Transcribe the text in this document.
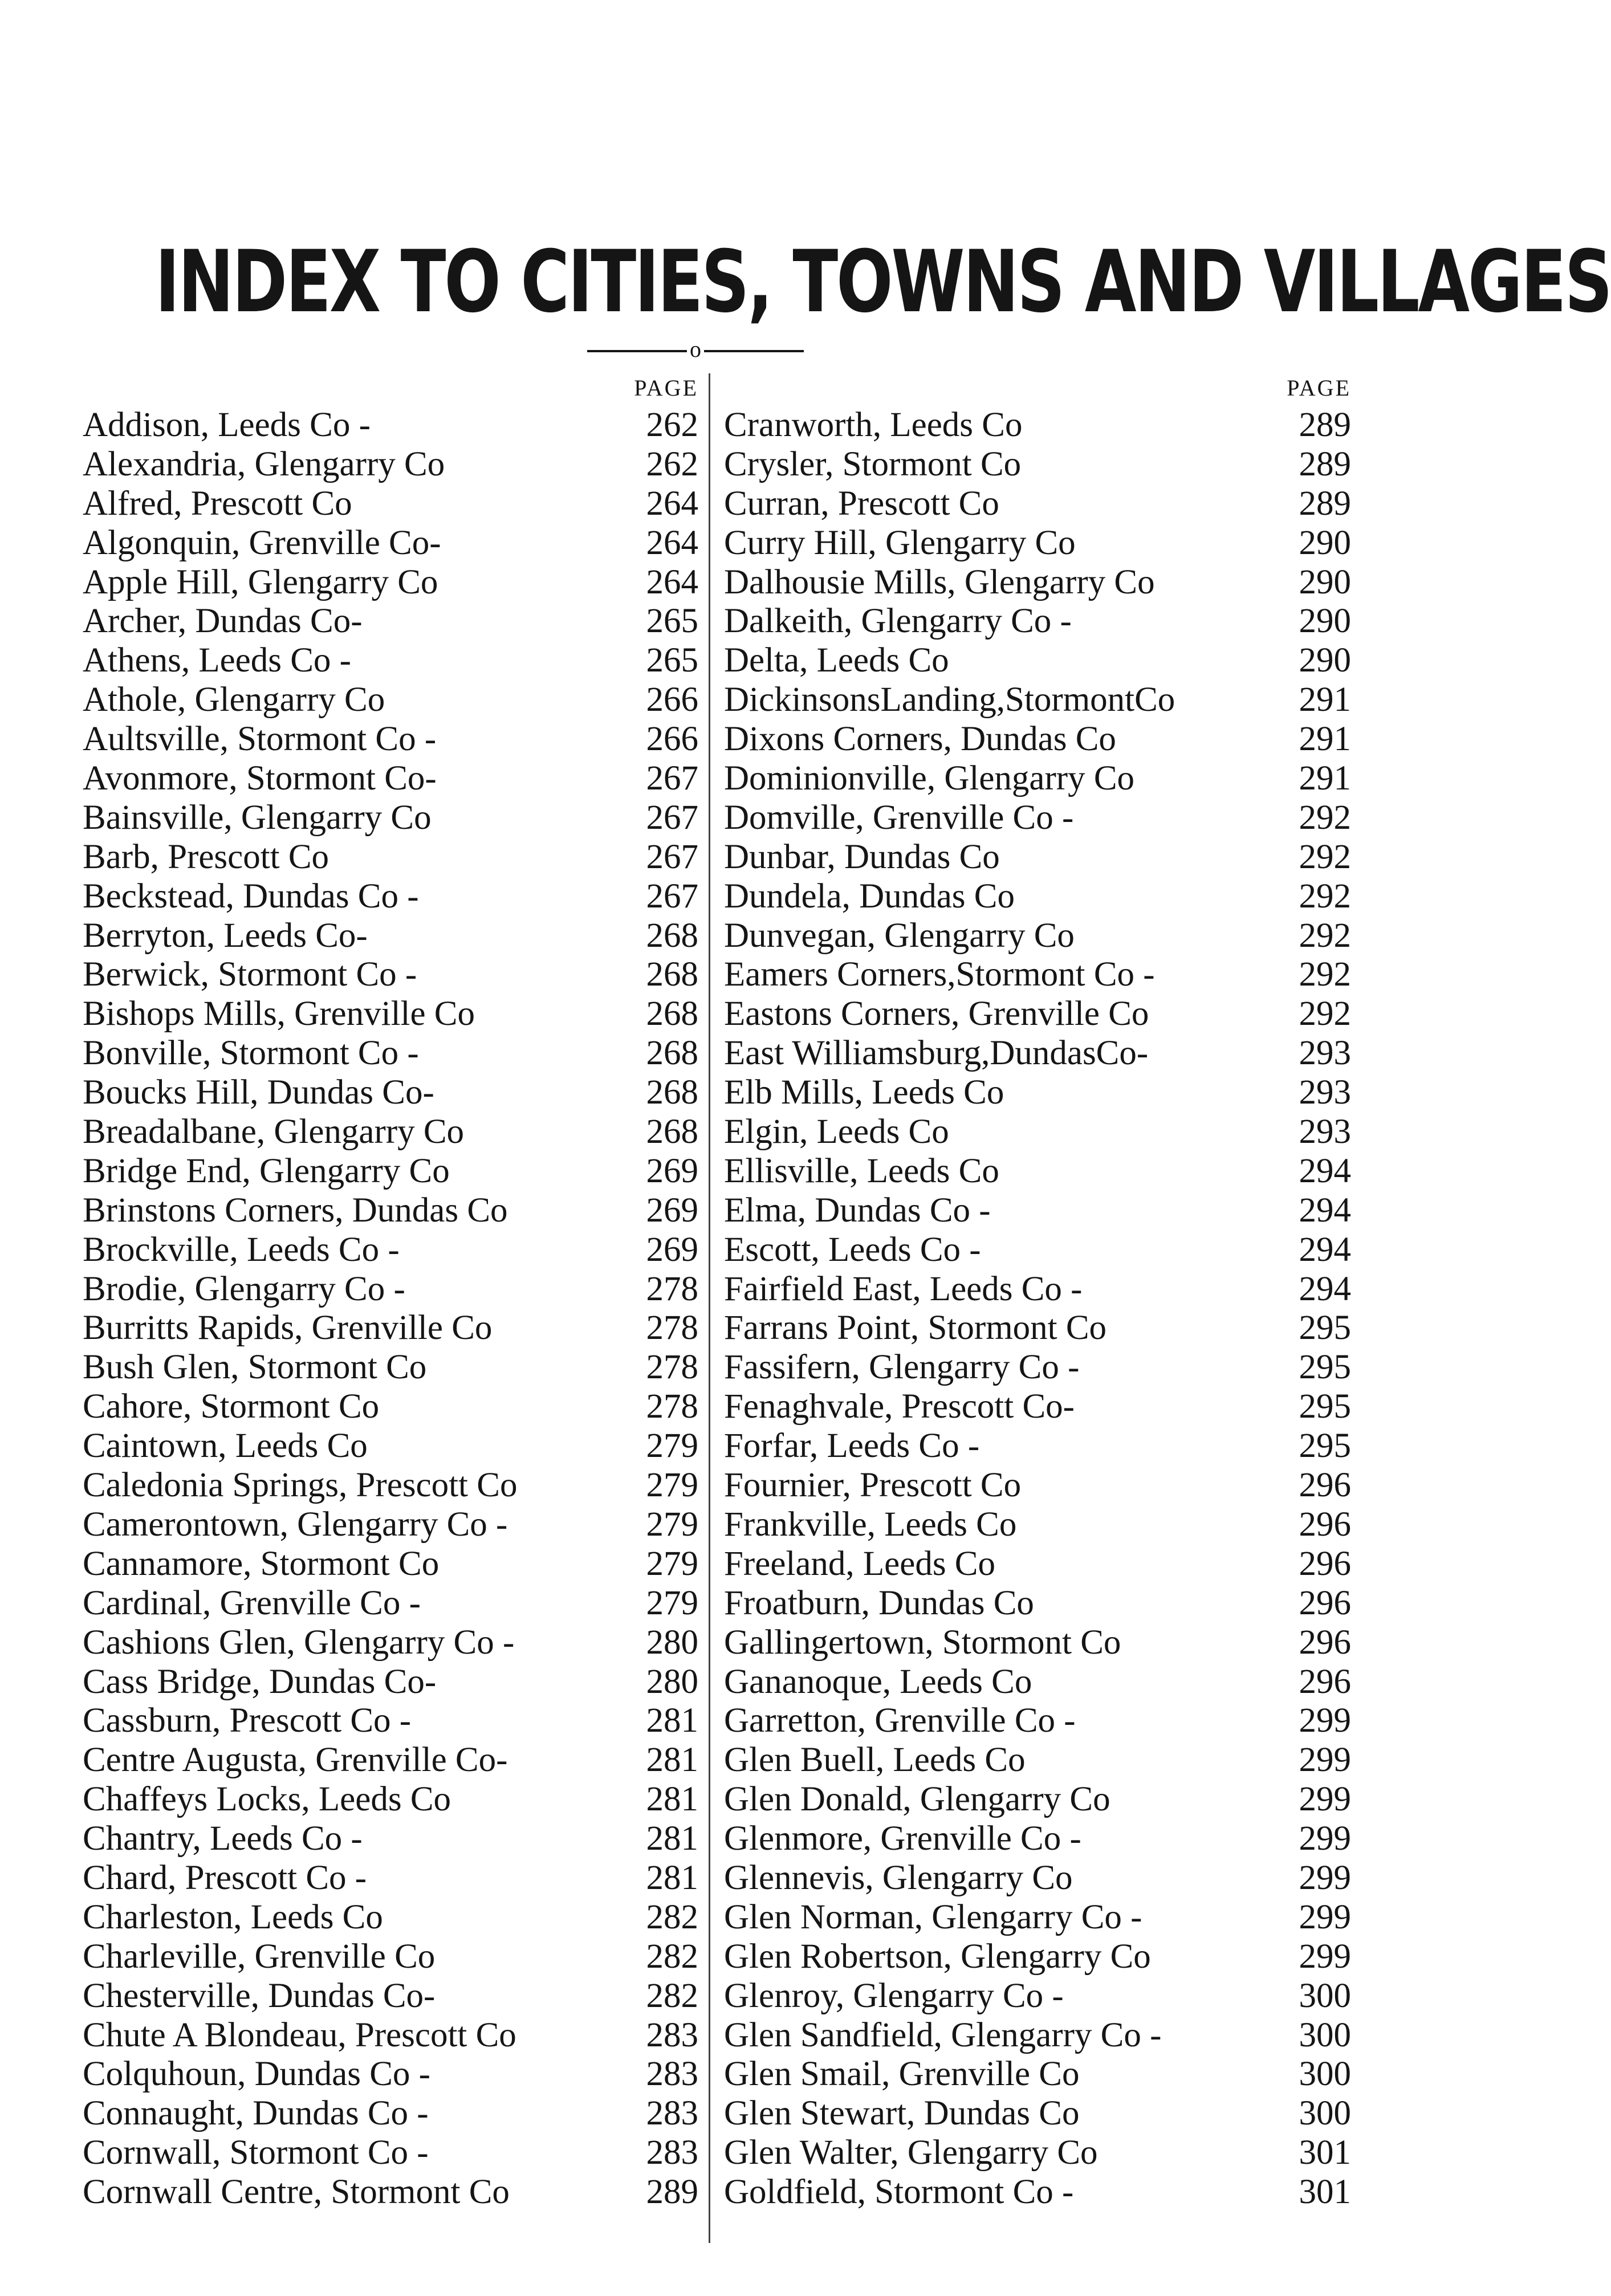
INDEX TO CITIES, TOWNS AND VILLAGES
o
PAGE
Addison, Leeds Co -	262
Alexandria, Glengarry Co	262
Alfred, Prescott Co	264
Algonquin, Grenville Co-	264
Apple Hill, Glengarry Co	264
Archer, Dundas Co-	265
Athens, Leeds Co -	265
Athole, Glengarry Co	266
Aultsville, Stormont Co -	266
Avonmore, Stormont Co-	267
Bainsville, Glengarry Co	267
Barb, Prescott Co	267
Beckstead, Dundas Co -	267
Berryton, Leeds Co-	268
Berwick, Stormont Co -	268
Bishops Mills, Grenville Co	268
Bonville, Stormont Co -	268
Boucks Hill, Dundas Co-	268
Breadalbane, Glengarry Co	268
Bridge End, Glengarry Co	269
Brinstons Corners, Dundas Co	269
Brockville, Leeds Co -	269
Brodie, Glengarry Co -	278
Burritts Rapids, Grenville Co	278
Bush Glen, Stormont Co	278
Cahore, Stormont Co	278
Caintown, Leeds Co	279
Caledonia Springs, Prescott Co	279
Camerontown, Glengarry Co -	279
Cannamore, Stormont Co	279
Cardinal, Grenville Co -	279
Cashions Glen, Glengarry Co -	280
Cass Bridge, Dundas Co-	280
Cassburn, Prescott Co -	281
Centre Augusta, Grenville Co-	281
Chaffeys Locks, Leeds Co	281
Chantry, Leeds Co -	281
Chard, Prescott Co -	281
Charleston, Leeds Co	282
Charleville, Grenville Co	282
Chesterville, Dundas Co-	282
Chute A Blondeau, Prescott Co	283
Colquhoun, Dundas Co -	283
Connaught, Dundas Co -	283
Cornwall, Stormont Co -	283
Cornwall Centre, Stormont Co	289
PAGE
Cranworth, Leeds Co	289
Crysler, Stormont Co	289
Curran, Prescott Co	289
Curry Hill, Glengarry Co	290
Dalhousie Mills, Glengarry Co	290
Dalkeith, Glengarry Co -	290
Delta, Leeds Co	290
DickinsonsLanding,StormontCo	291
Dixons Corners, Dundas Co	291
Dominionville, Glengarry Co	291
Domville, Grenville Co -	292
Dunbar, Dundas Co	292
Dundela, Dundas Co	292
Dunvegan, Glengarry Co	292
Eamers Corners,Stormont Co -	292
Eastons Corners, Grenville Co	292
East Williamsburg,DundasCo-	293
Elb Mills, Leeds Co	293
Elgin, Leeds Co	293
Ellisville, Leeds Co	294
Elma, Dundas Co -	294
Escott, Leeds Co -	294
Fairfield East, Leeds Co -	294
Farrans Point, Stormont Co	295
Fassifern, Glengarry Co -	295
Fenaghvale, Prescott Co-	295
Forfar, Leeds Co -	295
Fournier, Prescott Co	296
Frankville, Leeds Co	296
Freeland, Leeds Co	296
Froatburn, Dundas Co	296
Gallingertown, Stormont Co	296
Gananoque, Leeds Co	296
Garretton, Grenville Co -	299
Glen Buell, Leeds Co	299
Glen Donald, Glengarry Co	299
Glenmore, Grenville Co -	299
Glennevis, Glengarry Co	299
Glen Norman, Glengarry Co -	299
Glen Robertson, Glengarry Co	299
Glenroy, Glengarry Co -	300
Glen Sandfield, Glengarry Co -	300
Glen Smail, Grenville Co	300
Glen Stewart, Dundas Co	300
Glen Walter, Glengarry Co	301
Goldfield, Stormont Co -	301
